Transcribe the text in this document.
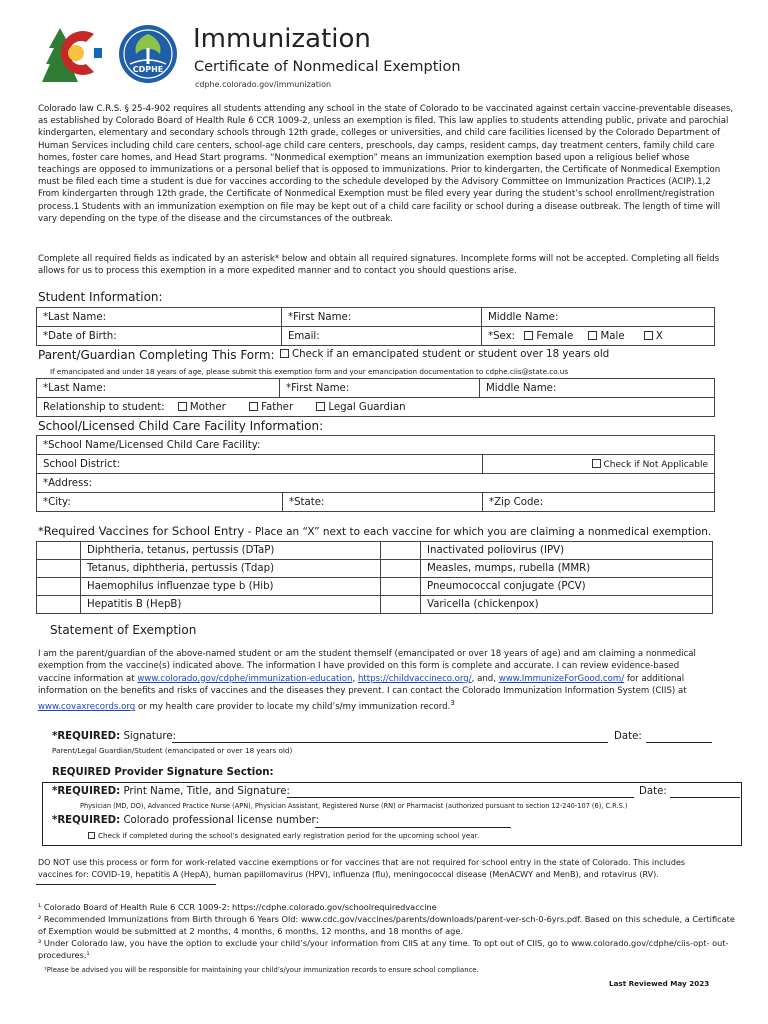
CDPHE
Immunization
Certificate of Nonmedical Exemption
cdphe.colorado.gov/immunization
Colorado law C.R.S. § 25-4-902 requires all students attending any school in the state of Colorado to be vaccinated against certain vaccine-preventable diseases, as established by Colorado Board of Health Rule 6 CCR 1009-2, unless an exemption is filed. This law applies to students attending public, private and parochial kindergarten, elementary and secondary schools through 12th grade, colleges or universities, and child care facilities licensed by the Colorado Department of Human Services including child care centers, school-age child care centers, preschools, day camps, resident camps, day treatment centers, family child care homes, foster care homes, and Head Start programs. “Nonmedical exemption” means an immunization exemption based upon a religious belief whose teachings are opposed to immunizations or a personal belief that is opposed to immunizations. Prior to kindergarten, the Certificate of Nonmedical Exemption must be filed each time a student is due for vaccines according to the schedule developed by the Advisory Committee on Immunization Practices (ACIP).1,2 From kindergarten through 12th grade, the Certificate of Nonmedical Exemption must be filed every year during the student’s school enrollment/registration process.1 Students with an immunization exemption on file may be kept out of a child care facility or school during a disease outbreak. The length of time will vary depending on the type of the disease and the circumstances of the outbreak.
Complete all required fields as indicated by an asterisk* below and obtain all required signatures. Incomplete forms will not be accepted. Completing all fields allows for us to process this exemption in a more expedited manner and to contact you should questions arise.
Student Information:
*Last Name:	*First Name:	Middle Name:
*Date of Birth:	Email:	*Sex: Female Male X
Parent/Guardian Completing This Form:	Check if an emancipated student or student over 18 years old
If emancipated and under 18 years of age, please submit this exemption form and your emancipation documentation to cdphe.ciis@state.co.us
*Last Name:	*First Name:	Middle Name:
Relationship to student: Mother	Father	Legal Guardian
School/Licensed Child Care Facility Information:
*School Name/Licensed Child Care Facility:		
School District:		Check if Not Applicable
*Address:		
*City:	*State:	*Zip Code:
*Required Vaccines for School Entry - Place an “X” next to each vaccine for which you are claiming a nonmedical exemption.
	Diphtheria, tetanus, pertussis (DTaP)		Inactivated poliovirus (IPV)
	Tetanus, diphtheria, pertussis (Tdap)		Measles, mumps, rubella (MMR)
	Haemophilus influenzae type b (Hib)		Pneumococcal conjugate (PCV)
	Hepatitis B (HepB)		Varicella (chickenpox)
Statement of Exemption
I am the parent/guardian of the above-named student or am the student themself (emancipated or over 18 years of age) and am claiming a nonmedical exemption from the vaccine(s) indicated above. The information I have provided on this form is complete and accurate. I can review evidence-based vaccine information at www.colorado.gov/cdphe/immunization-education, https://childvaccineco.org/, and, www.ImmunizeForGood.com/ for additional information on the benefits and risks of vaccines and the diseases they prevent. I can contact the Colorado Immunization Information System (CIIS) at www.covaxrecords.org or my health care provider to locate my child’s/my immunization record.$^3$
*REQUIRED: Signature:	Date:
Parent/Legal Guardian/Student (emancipated or over 18 years old)
REQUIRED Provider Signature Section:
*REQUIRED: Print Name, Title, and Signature:	Date:
Physician (MD, DO), Advanced Practice Nurse (APN), Physician Assistant, Registered Nurse (RN) or Pharmacist (authorized pursuant to section 12-240-107 (6), C.R.S.)
*REQUIRED: Colorado professional license number:
Check if completed during the school’s designated early registration period for the upcoming school year.
DO NOT use this process or form for work-related vaccine exemptions or for vaccines that are not required for school entry in the state of Colorado. This includes vaccines for: COVID-19, hepatitis A (HepA), human papillomavirus (HPV), influenza (flu), meningococcal disease (MenACWY and MenB), and rotavirus (RV).
¹ Colorado Board of Health Rule 6 CCR 1009-2: https://cdphe.colorado.gov/schoolrequiredvaccine
² Recommended Immunizations from Birth through 6 Years Old: www.cdc.gov/vaccines/parents/downloads/parent-ver-sch-0-6yrs.pdf. Based on this schedule, a Certificate of Exemption would be submitted at 2 months, 4 months, 6 months, 12 months, and 18 months of age.
³ Under Colorado law, you have the option to exclude your child’s/your information from CIIS at any time. To opt out of CIIS, go to www.colorado.gov/cdphe/ciis-opt- out-procedures.¹
¹Please be advised you will be responsible for maintaining your child’s/your immunization records to ensure school compliance.
Last Reviewed May 2023
